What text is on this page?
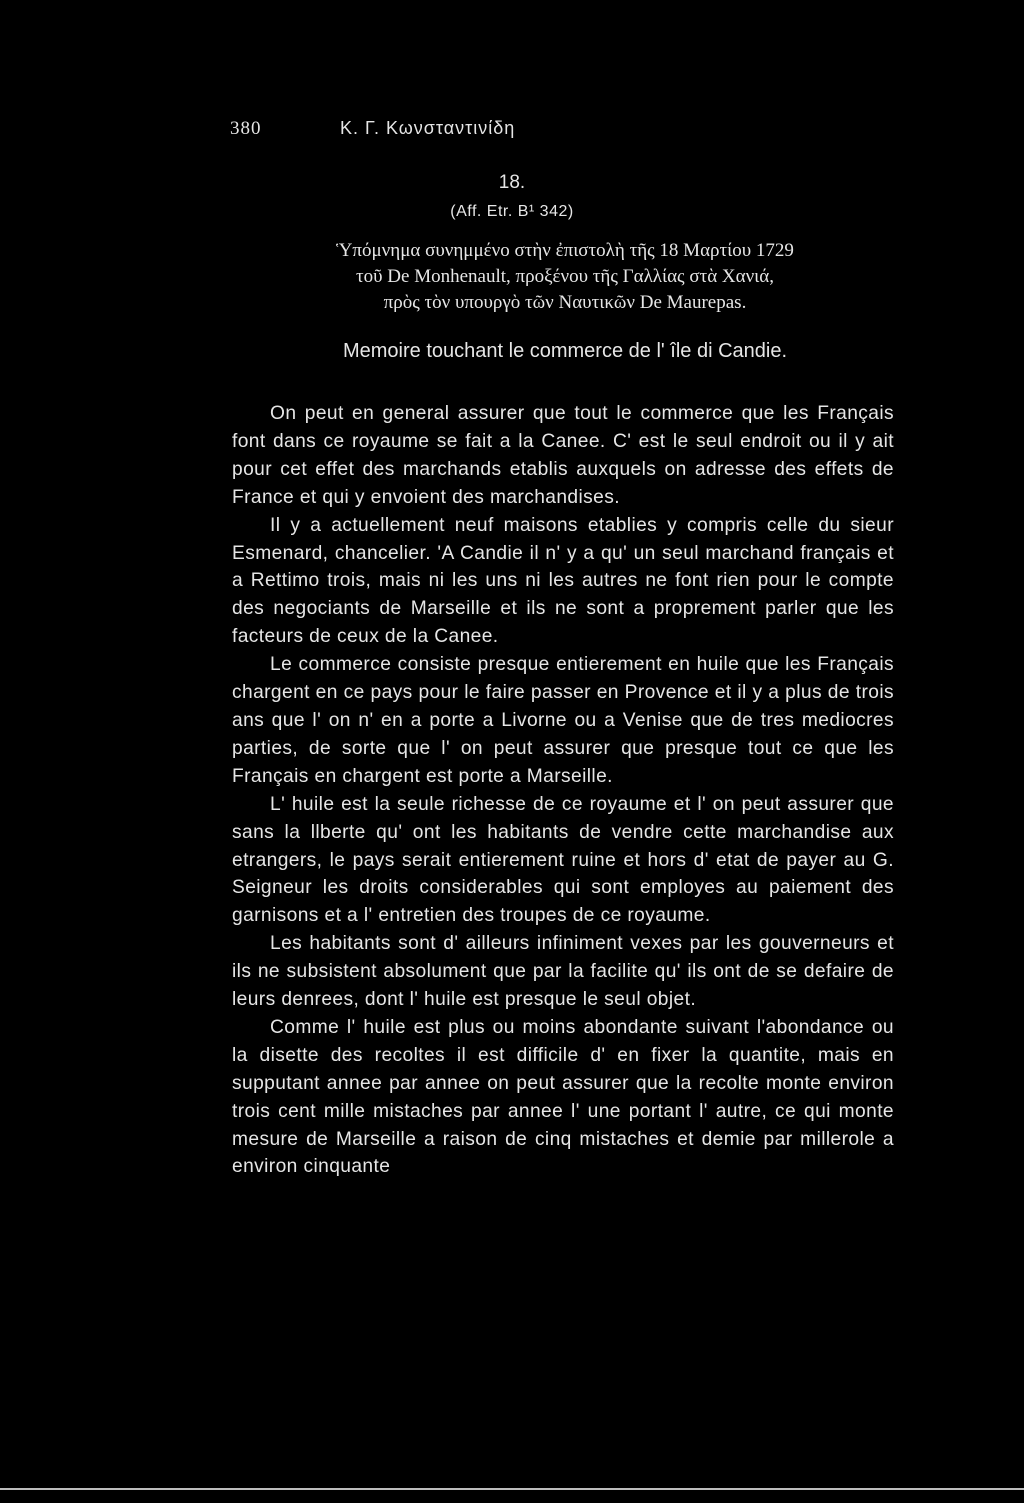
380	Κ. Γ. Κωνσταντινίδη
18.
(Aff. Etr. B¹ 342)
Ὑπόμνημα συνημμένο στὴν ἐπιστολὴ τῆς 18 Μαρτίου 1729
τοῦ De Monhenault, προξένου τῆς Γαλλίας στὰ Χανιά,
πρὸς τὸν υπουργὸ τῶν Ναυτικῶν De Maurepas.
Memoire touchant le commerce de l' île di Candie.

On peut en general assurer que tout le commerce que les Français font dans ce royaume se fait a la Canee. C' est le seul endroit ou il y ait pour cet effet des marchands etablis auxquels on adresse des effets de France et qui y envoient des marchandises.

Il y a actuellement neuf maisons etablies y compris celle du sieur Esmenard, chancelier. 'A Candie il n' y a qu' un seul marchand français et a Rettimo trois, mais ni les uns ni les autres ne font rien pour le compte des negociants de Marseille et ils ne sont a proprement parler que les facteurs de ceux de la Canee.

Le commerce consiste presque entierement en huile que les Français chargent en ce pays pour le faire passer en Provence et il y a plus de trois ans que l' on n' en a porte a Livorne ou a Venise que de tres mediocres parties, de sorte que l' on peut assurer que presque tout ce que les Français en chargent est porte a Marseille.

L' huile est la seule richesse de ce royaume et l' on peut assurer que sans la llberte qu' ont les habitants de vendre cette marchandise aux etrangers, le pays serait entierement ruine et hors d' etat de payer au G. Seigneur les droits considerables qui sont employes au paiement des garnisons et a l' entretien des troupes de ce royaume.

Les habitants sont d' ailleurs infiniment vexes par les gouverneurs et ils ne subsistent absolument que par la facilite qu' ils ont de se defaire de leurs denrees, dont l' huile est presque le seul objet.

Comme l' huile est plus ou moins abondante suivant l'abondance ou la disette des recoltes il est difficile d' en fixer la quantite, mais en supputant annee par annee on peut assurer que la recolte monte environ trois cent mille mistaches par annee l' une portant l' autre, ce qui monte mesure de Marseille a raison de cinq mistaches et demie par millerole a environ cinquante
